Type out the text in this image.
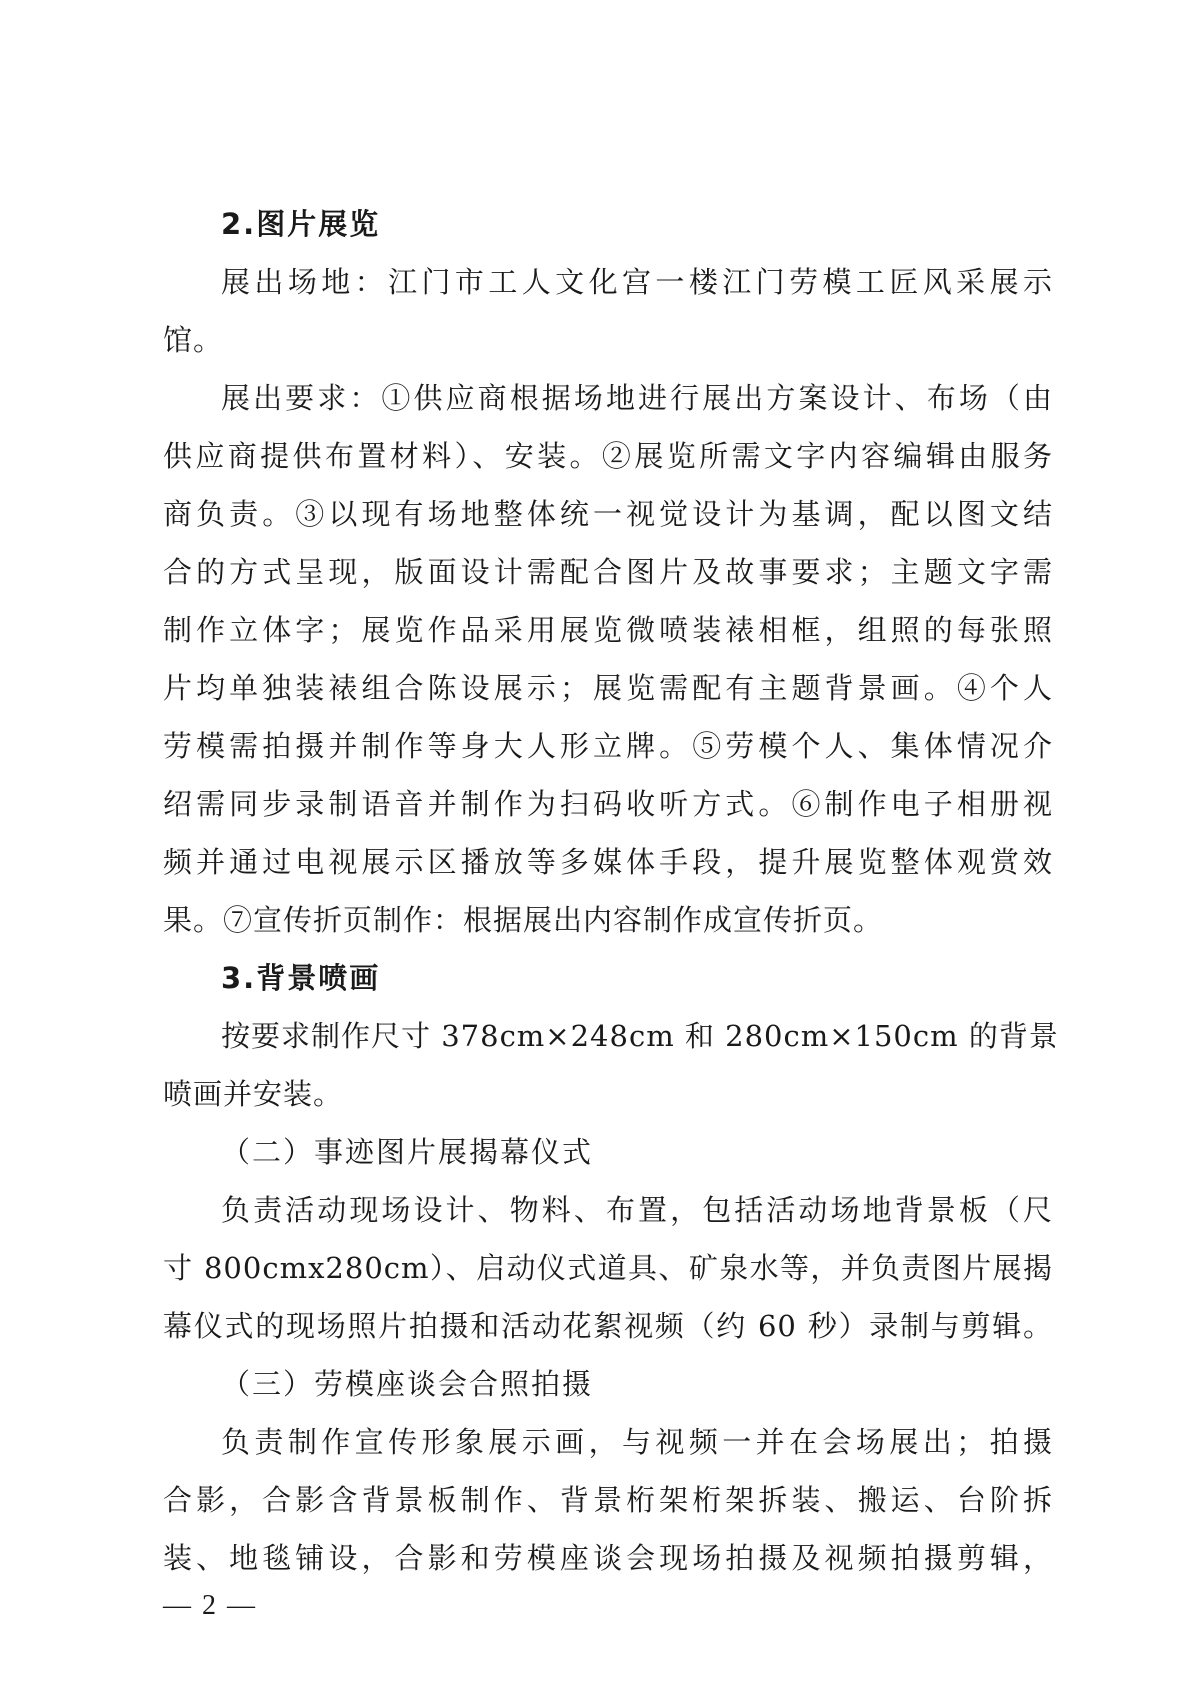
2.图片展览
展出场地：江门市工人文化宫一楼江门劳模工匠风采展示
馆。
展出要求：①供应商根据场地进行展出方案设计、布场（由
供应商提供布置材料）、安装。②展览所需文字内容编辑由服务
商负责。③以现有场地整体统一视觉设计为基调，配以图文结
合的方式呈现，版面设计需配合图片及故事要求；主题文字需
制作立体字；展览作品采用展览微喷装裱相框，组照的每张照
片均单独装裱组合陈设展示；展览需配有主题背景画。④个人
劳模需拍摄并制作等身大人形立牌。⑤劳模个人、集体情况介
绍需同步录制语音并制作为扫码收听方式。⑥制作电子相册视
频并通过电视展示区播放等多媒体手段，提升展览整体观赏效
果。⑦宣传折页制作：根据展出内容制作成宣传折页。
3.背景喷画
按要求制作尺寸 378cm×248cm 和 280cm×150cm 的背景
喷画并安装。
（二）事迹图片展揭幕仪式
负责活动现场设计、物料、布置，包括活动场地背景板（尺
寸 800cmx280cm）、启动仪式道具、矿泉水等，并负责图片展揭
幕仪式的现场照片拍摄和活动花絮视频（约 60 秒）录制与剪辑。
（三）劳模座谈会合照拍摄
负责制作宣传形象展示画，与视频一并在会场展出；拍摄
合影，合影含背景板制作、背景桁架桁架拆装、搬运、台阶拆
装、地毯铺设，合影和劳模座谈会现场拍摄及视频拍摄剪辑，
— 2 —
